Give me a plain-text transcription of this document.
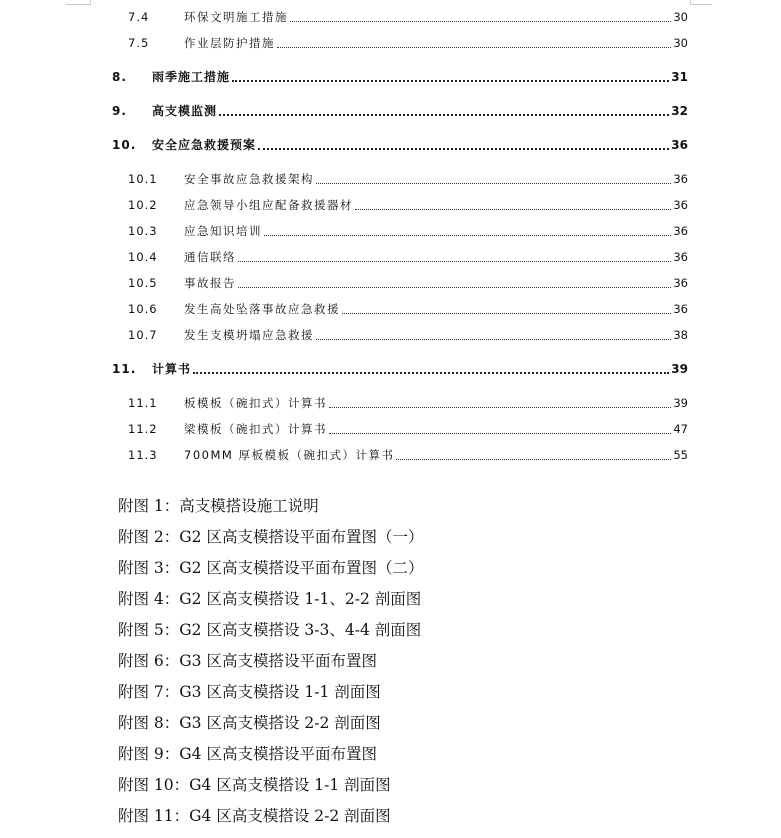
7.4	环保文明施工措施	30
7.5	作业层防护措施	30
8.	雨季施工措施	31
9.	高支模监测	32
10.	安全应急救援预案	36
10.1	安全事故应急救援架构	36
10.2	应急领导小组应配备救援器材	36
10.3	应急知识培训	36
10.4	通信联络	36
10.5	事故报告	36
10.6	发生高处坠落事故应急救援	36
10.7	发生支模坍塌应急救援	38
11.	计算书	39
11.1	板模板（碗扣式）计算书	39
11.2	梁模板（碗扣式）计算书	47
11.3	700MM 厚板模板（碗扣式）计算书	55
附图 1：高支模搭设施工说明
附图 2：G2 区高支模搭设平面布置图（一）
附图 3：G2 区高支模搭设平面布置图（二）
附图 4：G2 区高支模搭设 1-1、2-2 剖面图
附图 5：G2 区高支模搭设 3-3、4-4 剖面图
附图 6：G3 区高支模搭设平面布置图
附图 7：G3 区高支模搭设 1-1 剖面图
附图 8：G3 区高支模搭设 2-2 剖面图
附图 9：G4 区高支模搭设平面布置图
附图 10：G4 区高支模搭设 1-1 剖面图
附图 11：G4 区高支模搭设 2-2 剖面图
